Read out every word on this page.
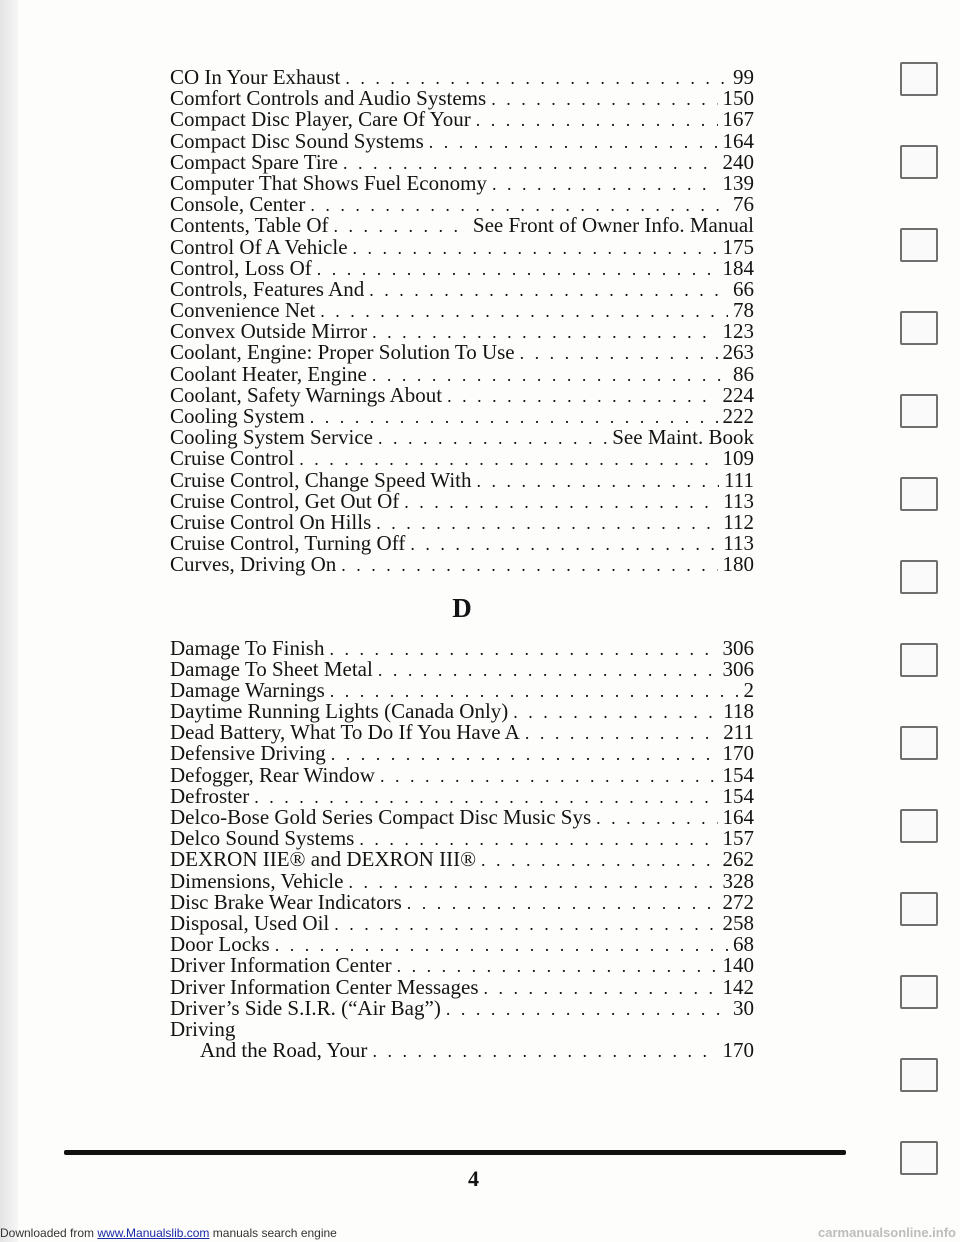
CO In Your Exhaust . . .	99
Comfort Controls and Audio Systems . . .	150
Compact Disc Player, Care Of Your . . .	167
Compact Disc Sound Systems . . .	164
Compact Spare Tire . . .	240
Computer That Shows Fuel Economy . . .	139
Console, Center . . .	76
Contents, Table Of . . .	See Front of Owner Info. Manual
Control Of A Vehicle . . .	175
Control, Loss Of . . .	184
Controls, Features And . . .	66
Convenience Net . . .	78
Convex Outside Mirror . . .	123
Coolant, Engine: Proper Solution To Use . . .	263
Coolant Heater, Engine . . .	86
Coolant, Safety Warnings About . . .	224
Cooling System . . .	222
Cooling System Service . . .	See Maint. Book
Cruise Control . . .	109
Cruise Control, Change Speed With . . .	111
Cruise Control, Get Out Of . . .	113
Cruise Control On Hills . . .	112
Cruise Control, Turning Off . . .	113
Curves, Driving On . . .	180
D
Damage To Finish . . .	306
Damage To Sheet Metal . . .	306
Damage Warnings . . .	2
Daytime Running Lights (Canada Only) . . .	118
Dead Battery, What To Do If You Have A . . .	211
Defensive Driving . . .	170
Defogger, Rear Window . . .	154
Defroster . . .	154
Delco-Bose Gold Series Compact Disc Music Sys . . .	164
Delco Sound Systems . . .	157
DEXRON IIE® and DEXRON III® . . .	262
Dimensions, Vehicle . . .	328
Disc Brake Wear Indicators . . .	272
Disposal, Used Oil . . .	258
Door Locks . . .	68
Driver Information Center . . .	140
Driver Information Center Messages . . .	142
Driver’s Side S.I.R. (“Air Bag”) . . .	30
Driving
And the Road, Your . . .	170
4
Downloaded from www.Manualslib.com manuals search engine	carmanualsonline.info
